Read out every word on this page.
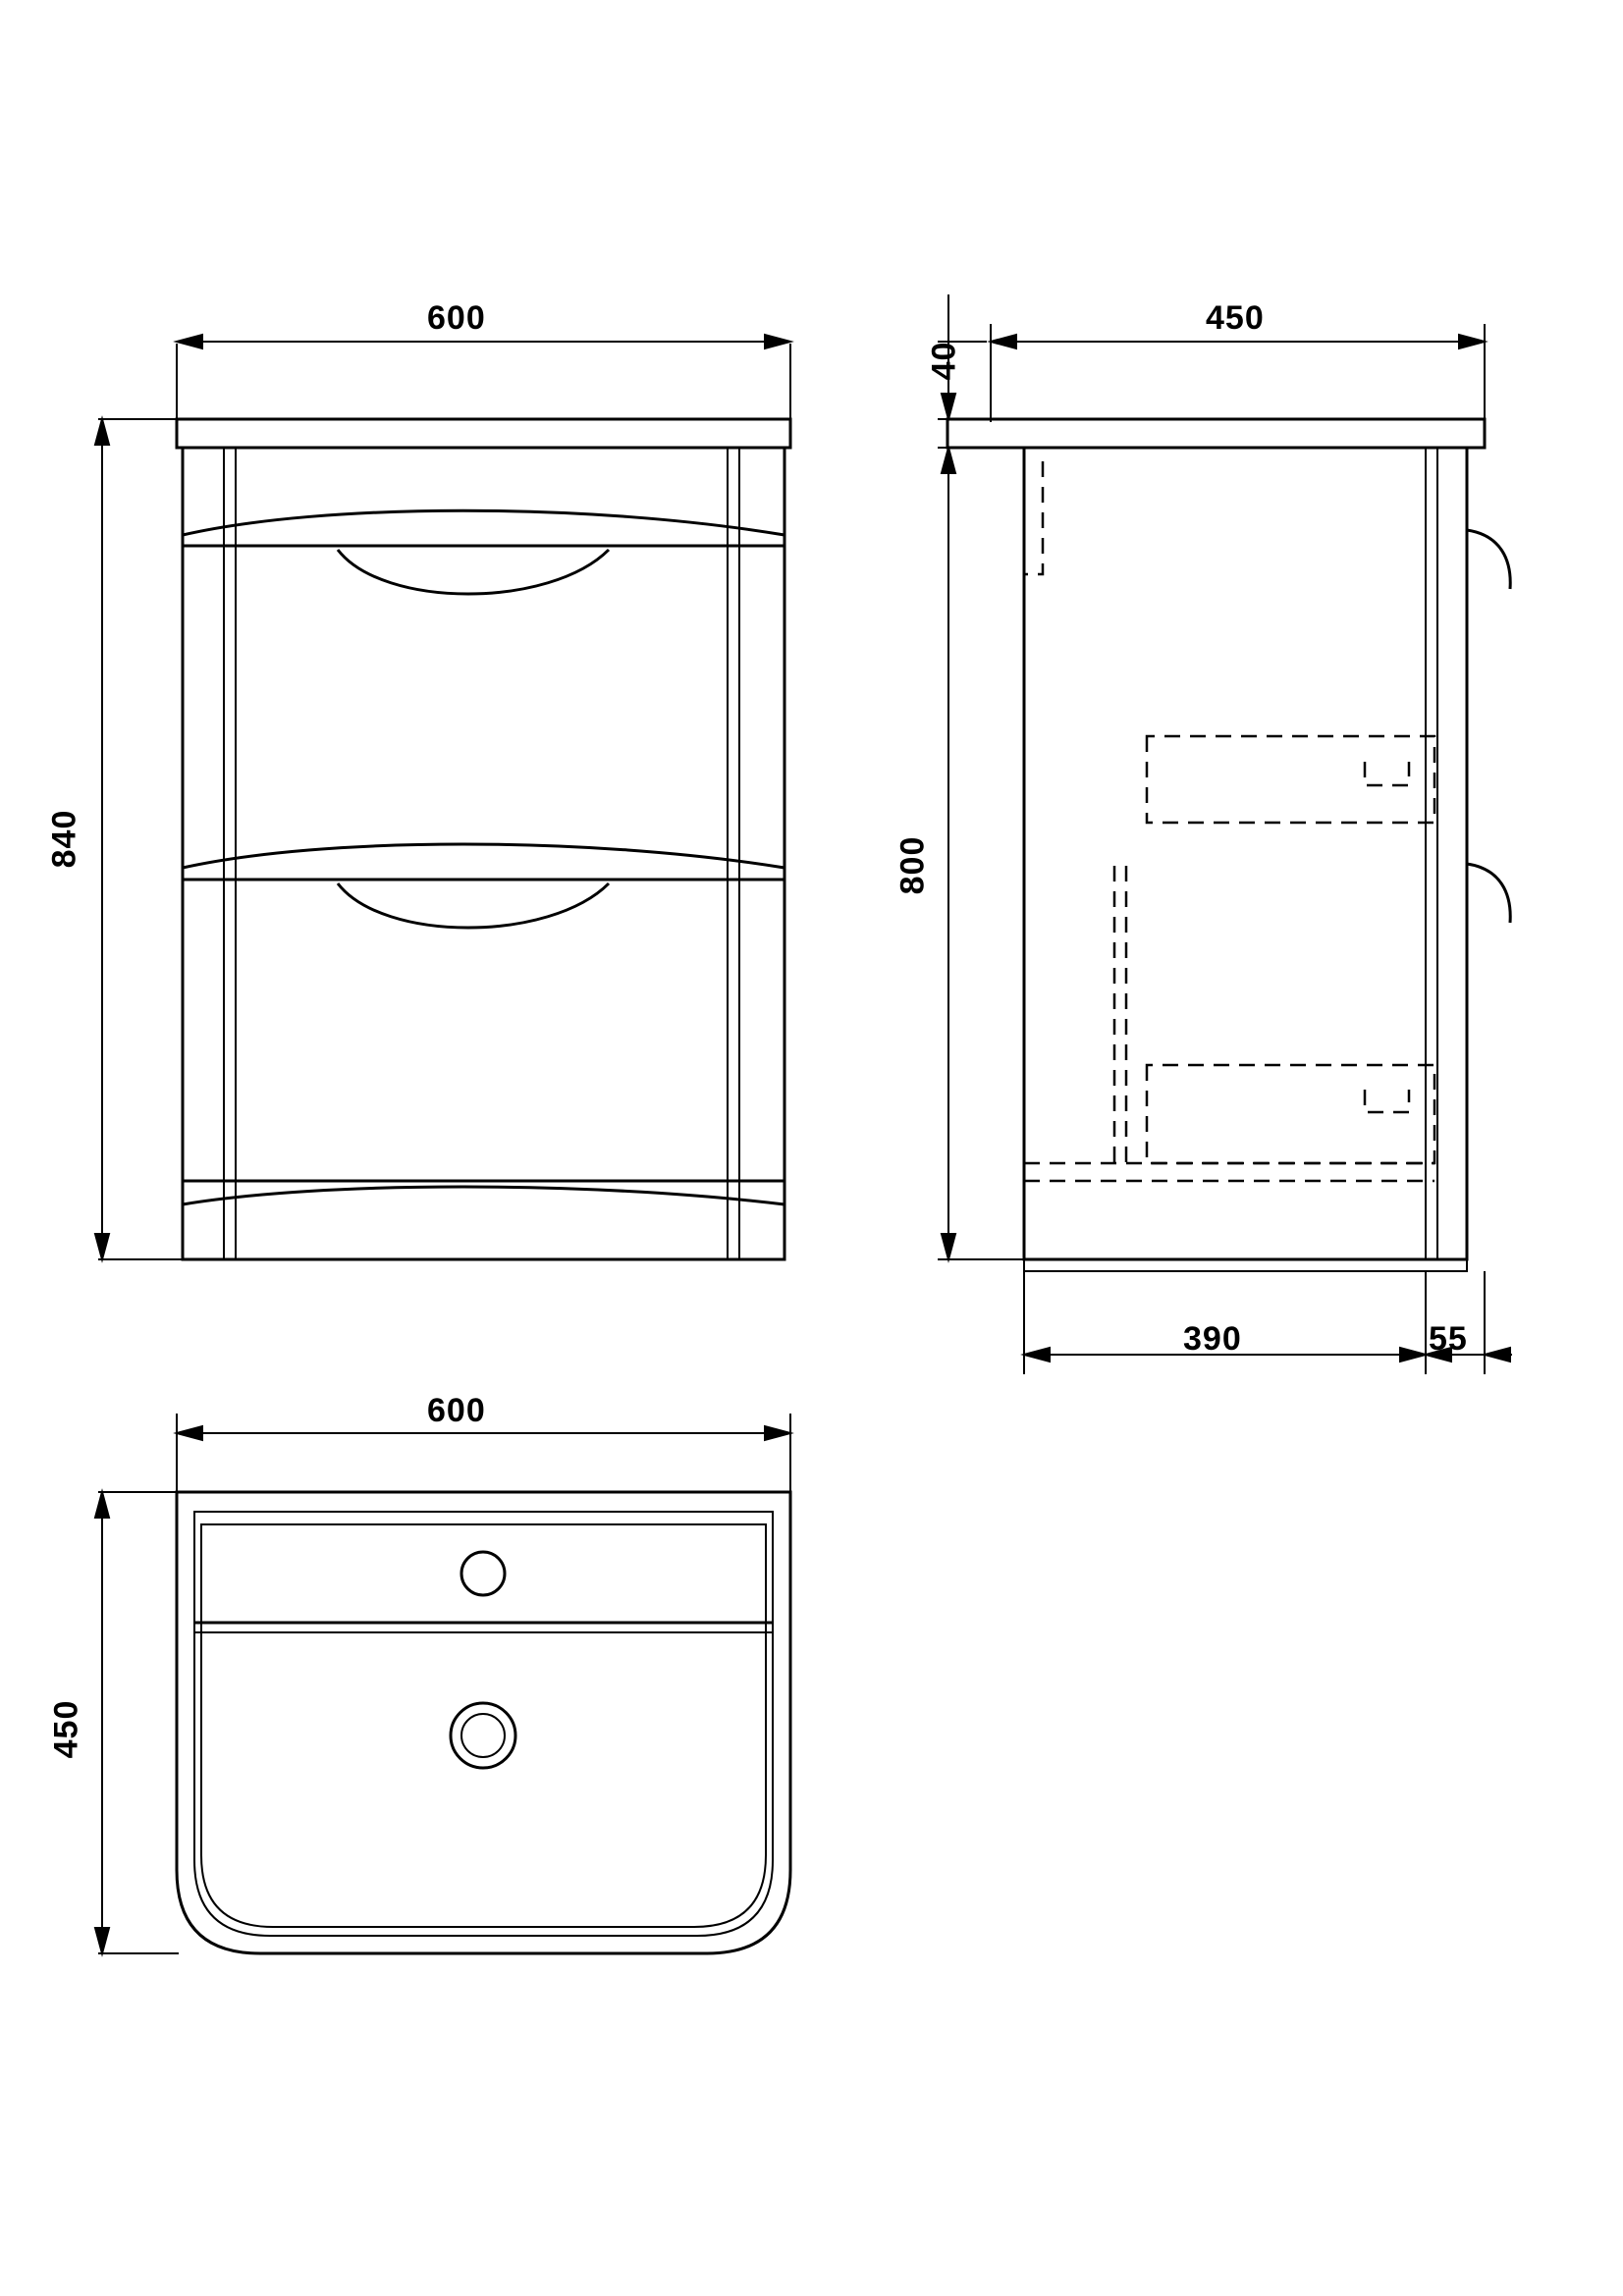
600
840
40
450
800
390	55
600
450
